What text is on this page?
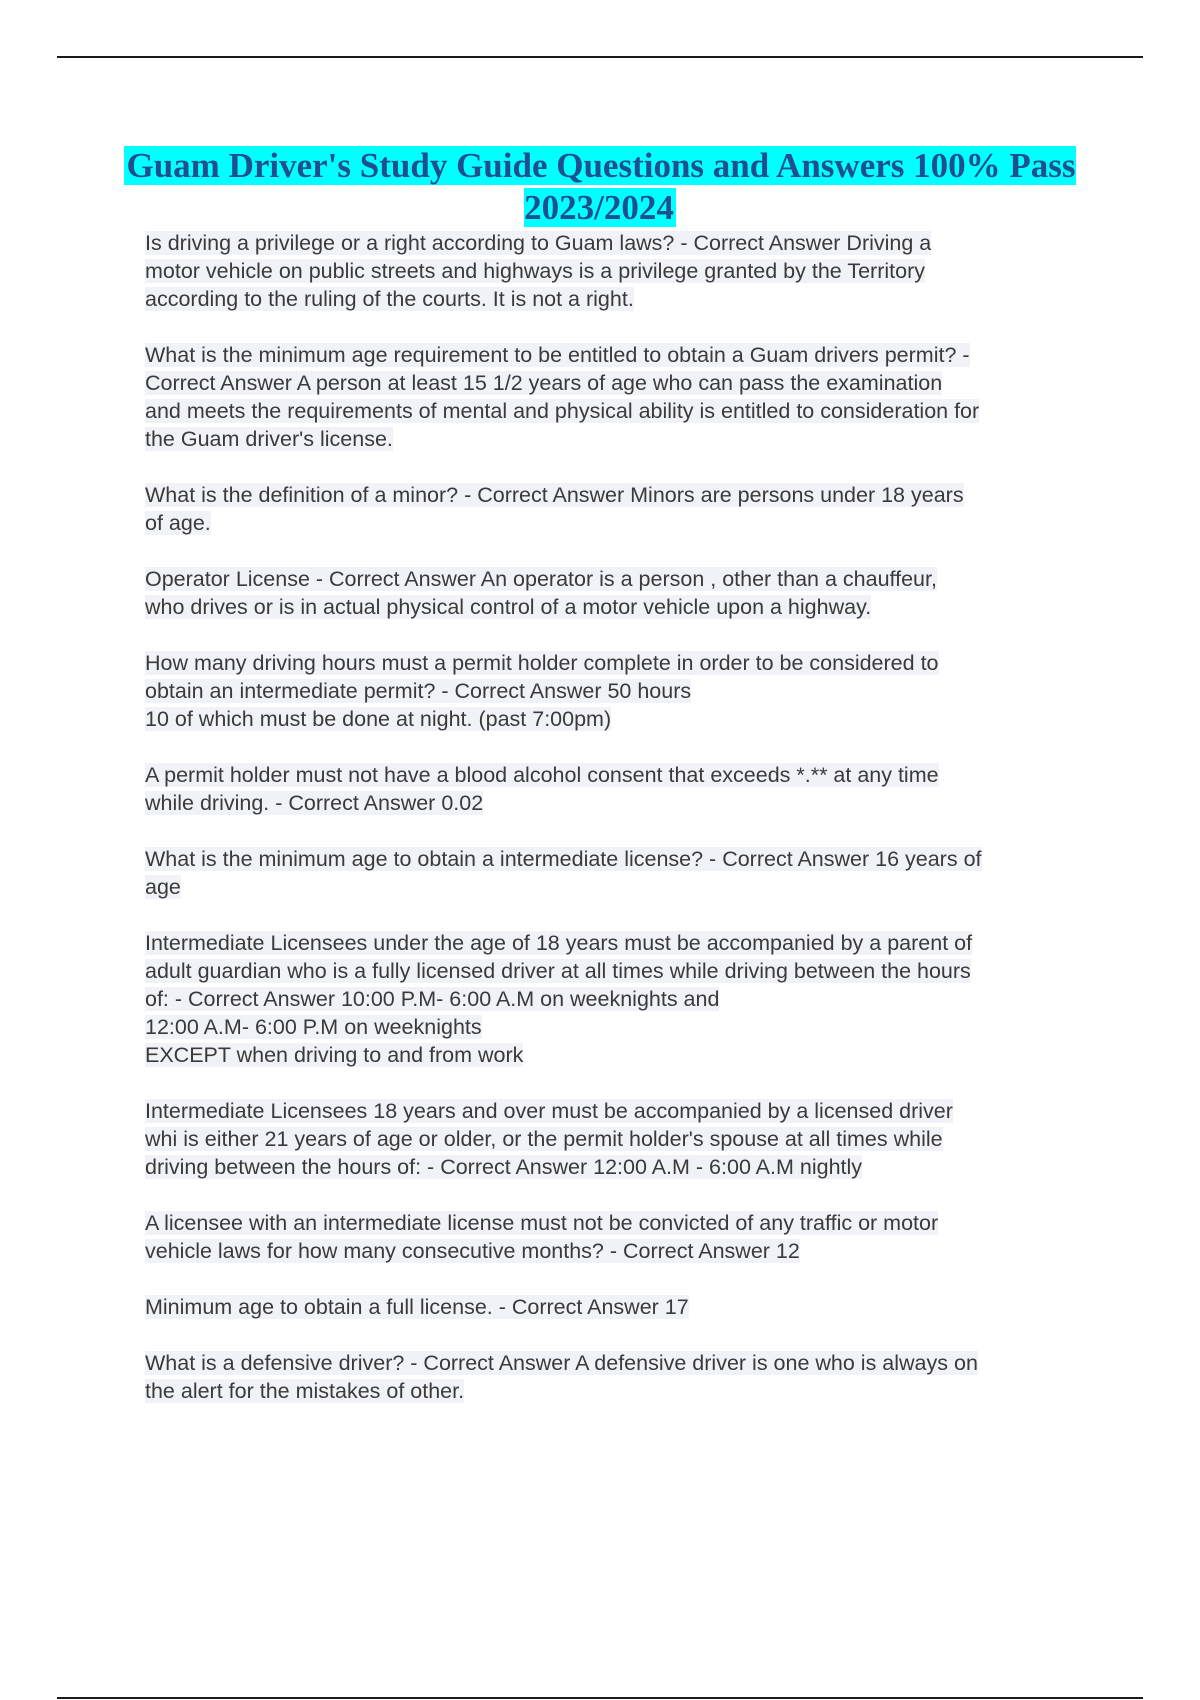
Guam Driver's Study Guide Questions and Answers 100% Pass 2023/2024

Is driving a privilege or a right according to Guam laws? - Correct Answer Driving a
motor vehicle on public streets and highways is a privilege granted by the Territory
according to the ruling of the courts. It is not a right.

What is the minimum age requirement to be entitled to obtain a Guam drivers permit? -
Correct Answer A person at least 15 1/2 years of age who can pass the examination
and meets the requirements of mental and physical ability is entitled to consideration for
the Guam driver's license.

What is the definition of a minor? - Correct Answer Minors are persons under 18 years
of age.

Operator License - Correct Answer An operator is a person , other than a chauffeur,
who drives or is in actual physical control of a motor vehicle upon a highway.

How many driving hours must a permit holder complete in order to be considered to
obtain an intermediate permit? - Correct Answer 50 hours
10 of which must be done at night. (past 7:00pm)

A permit holder must not have a blood alcohol consent that exceeds *.** at any time
while driving. - Correct Answer 0.02

What is the minimum age to obtain a intermediate license? - Correct Answer 16 years of
age

Intermediate Licensees under the age of 18 years must be accompanied by a parent of
adult guardian who is a fully licensed driver at all times while driving between the hours
of: - Correct Answer 10:00 P.M- 6:00 A.M on weeknights and
12:00 A.M- 6:00 P.M on weeknights
EXCEPT when driving to and from work

Intermediate Licensees 18 years and over must be accompanied by a licensed driver
whi is either 21 years of age or older, or the permit holder's spouse at all times while
driving between the hours of: - Correct Answer 12:00 A.M - 6:00 A.M nightly

A licensee with an intermediate license must not be convicted of any traffic or motor
vehicle laws for how many consecutive months? - Correct Answer 12

Minimum age to obtain a full license. - Correct Answer 17

What is a defensive driver? - Correct Answer A defensive driver is one who is always on
the alert for the mistakes of other.
